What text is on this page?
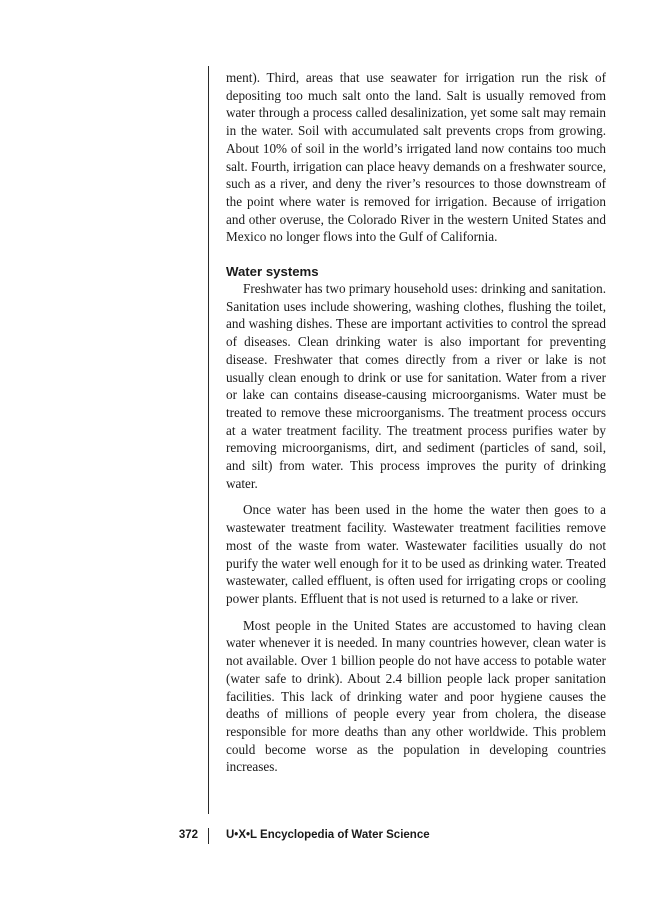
ment). Third, areas that use seawater for irrigation run the risk of depositing too much salt onto the land. Salt is usually removed from water through a process called desalinization, yet some salt may remain in the water. Soil with accumulated salt prevents crops from growing. About 10% of soil in the world’s irrigated land now contains too much salt. Fourth, irrigation can place heavy demands on a freshwater source, such as a river, and deny the river’s resources to those downstream of the point where water is removed for irrigation. Because of irrigation and other overuse, the Colorado River in the western United States and Mexico no longer flows into the Gulf of California.

Water systems

Freshwater has two primary household uses: drinking and sanitation. Sanitation uses include showering, washing clothes, flushing the toilet, and washing dishes. These are important activities to control the spread of diseases. Clean drinking water is also important for preventing disease. Freshwater that comes directly from a river or lake is not usually clean enough to drink or use for sanitation. Water from a river or lake can contains disease-causing microorganisms. Water must be treated to remove these microorganisms. The treatment process occurs at a water treatment facility. The treatment process purifies water by removing microorganisms, dirt, and sediment (particles of sand, soil, and silt) from water. This process improves the purity of drinking water.

Once water has been used in the home the water then goes to a wastewater treatment facility. Wastewater treatment facilities remove most of the waste from water. Wastewater facilities usually do not purify the water well enough for it to be used as drinking water. Treated wastewater, called effluent, is often used for irrigating crops or cooling power plants. Effluent that is not used is returned to a lake or river.

Most people in the United States are accustomed to having clean water whenever it is needed. In many countries however, clean water is not available. Over 1 billion people do not have access to potable water (water safe to drink). About 2.4 billion people lack proper sanitation facilities. This lack of drinking water and poor hygiene causes the deaths of millions of people every year from cholera, the disease responsible for more deaths than any other worldwide. This problem could become worse as the population in developing countries increases.

372 U•X•L Encyclopedia of Water Science
